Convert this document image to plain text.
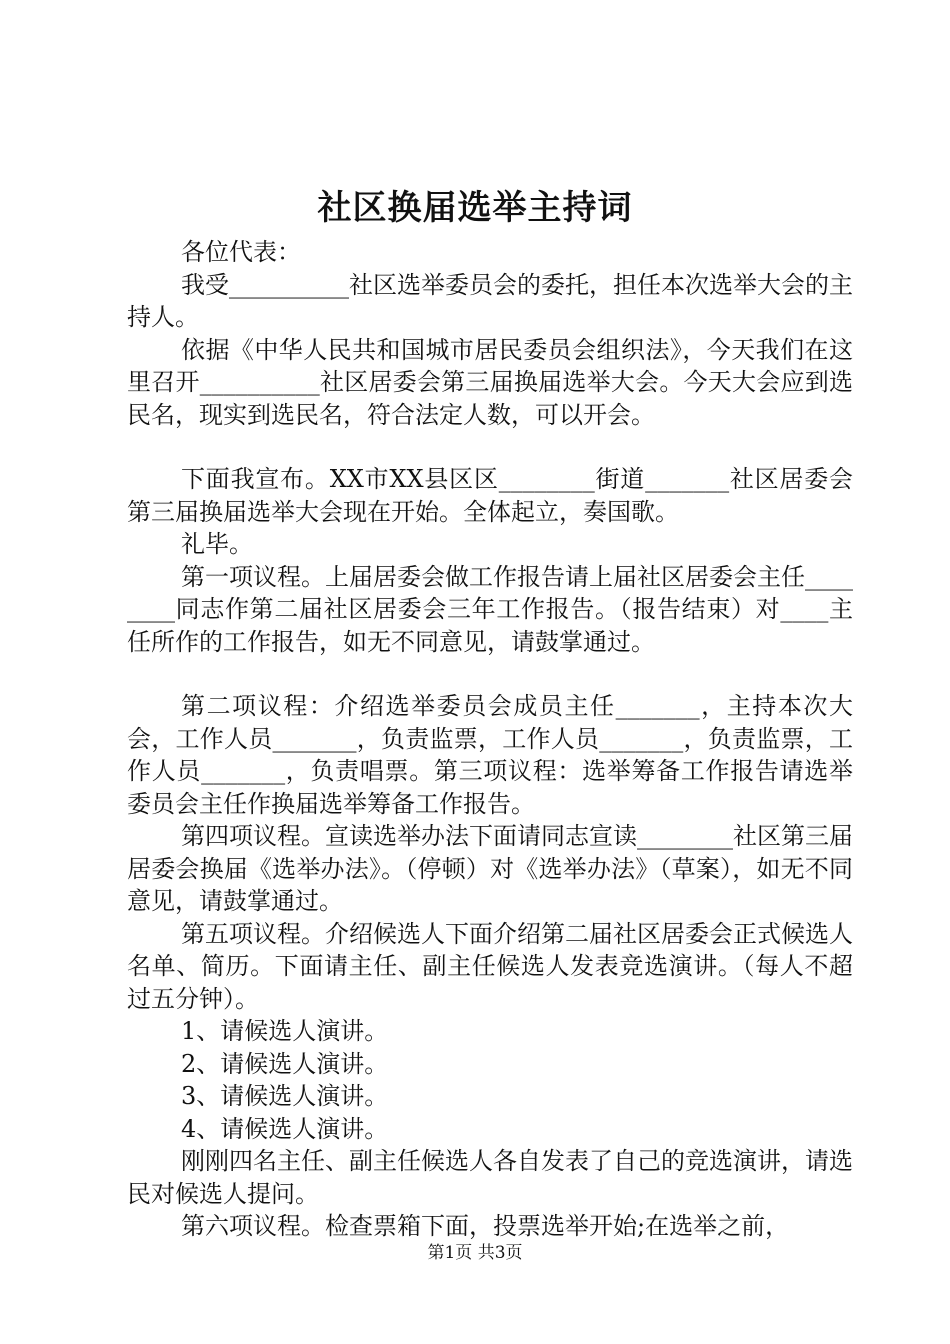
社区换届选举主持词

各位代表：

我受__________社区选举委员会的委托，担任本次选举大会的主持人。

依据《中华人民共和国城市居民委员会组织法》，今天我们在这里召开__________社区居委会第三届换届选举大会。今天大会应到选民名，现实到选民名，符合法定人数，可以开会。

下面我宣布。XX市XX县区区________街道_______社区居委会第三届换届选举大会现在开始。全体起立，奏国歌。

礼毕。

第一项议程。上届居委会做工作报告请上届社区居委会主任________同志作第二届社区居委会三年工作报告。（报告结束）对____主任所作的工作报告，如无不同意见，请鼓掌通过。

第二项议程：介绍选举委员会成员主任_______，主持本次大会，工作人员_______，负责监票，工作人员_______，负责监票，工作人员_______，负责唱票。第三项议程：选举筹备工作报告请选举委员会主任作换届选举筹备工作报告。

第四项议程。宣读选举办法下面请同志宣读________社区第三届居委会换届《选举办法》。（停顿）对《选举办法》（草案），如无不同意见，请鼓掌通过。

第五项议程。介绍候选人下面介绍第二届社区居委会正式候选人名单、简历。下面请主任、副主任候选人发表竞选演讲。（每人不超过五分钟）。

1、请候选人演讲。

2、请候选人演讲。

3、请候选人演讲。

4、请候选人演讲。

刚刚四名主任、副主任候选人各自发表了自己的竞选演讲，请选民对候选人提问。

第六项议程。检查票箱下面，投票选举开始;在选举之前，

第1页 共3页
